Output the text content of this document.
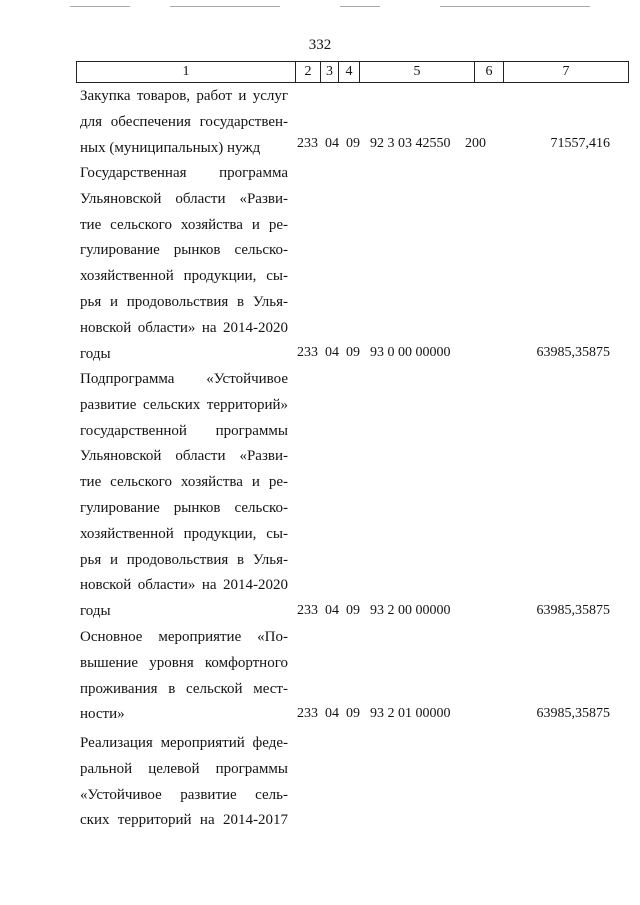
332
1	2	3	4	5	6	7
Закупка товаров, работ и услуг
для обеспечения государствен-
ных (муниципальных) нужд	233 04 09 92 3 03 42550 200	71557,416
Государственная программа
Ульяновской области «Разви-
тие сельского хозяйства и ре-
гулирование рынков сельско-
хозяйственной продукции, сы-
рья и продовольствия в Улья-
новской области» на 2014-2020
годы	233 04 09 93 0 00 00000	63985,35875
Подпрограмма «Устойчивое
развитие сельских территорий»
государственной программы
Ульяновской области «Разви-
тие сельского хозяйства и ре-
гулирование рынков сельско-
хозяйственной продукции, сы-
рья и продовольствия в Улья-
новской области» на 2014-2020
годы	233 04 09 93 2 00 00000	63985,35875
Основное мероприятие «По-
вышение уровня комфортного
проживания в сельской мест-
ности»	233 04 09 93 2 01 00000	63985,35875
Реализация мероприятий феде-
ральной целевой программы
«Устойчивое развитие сель-
ских территорий на 2014-2017
